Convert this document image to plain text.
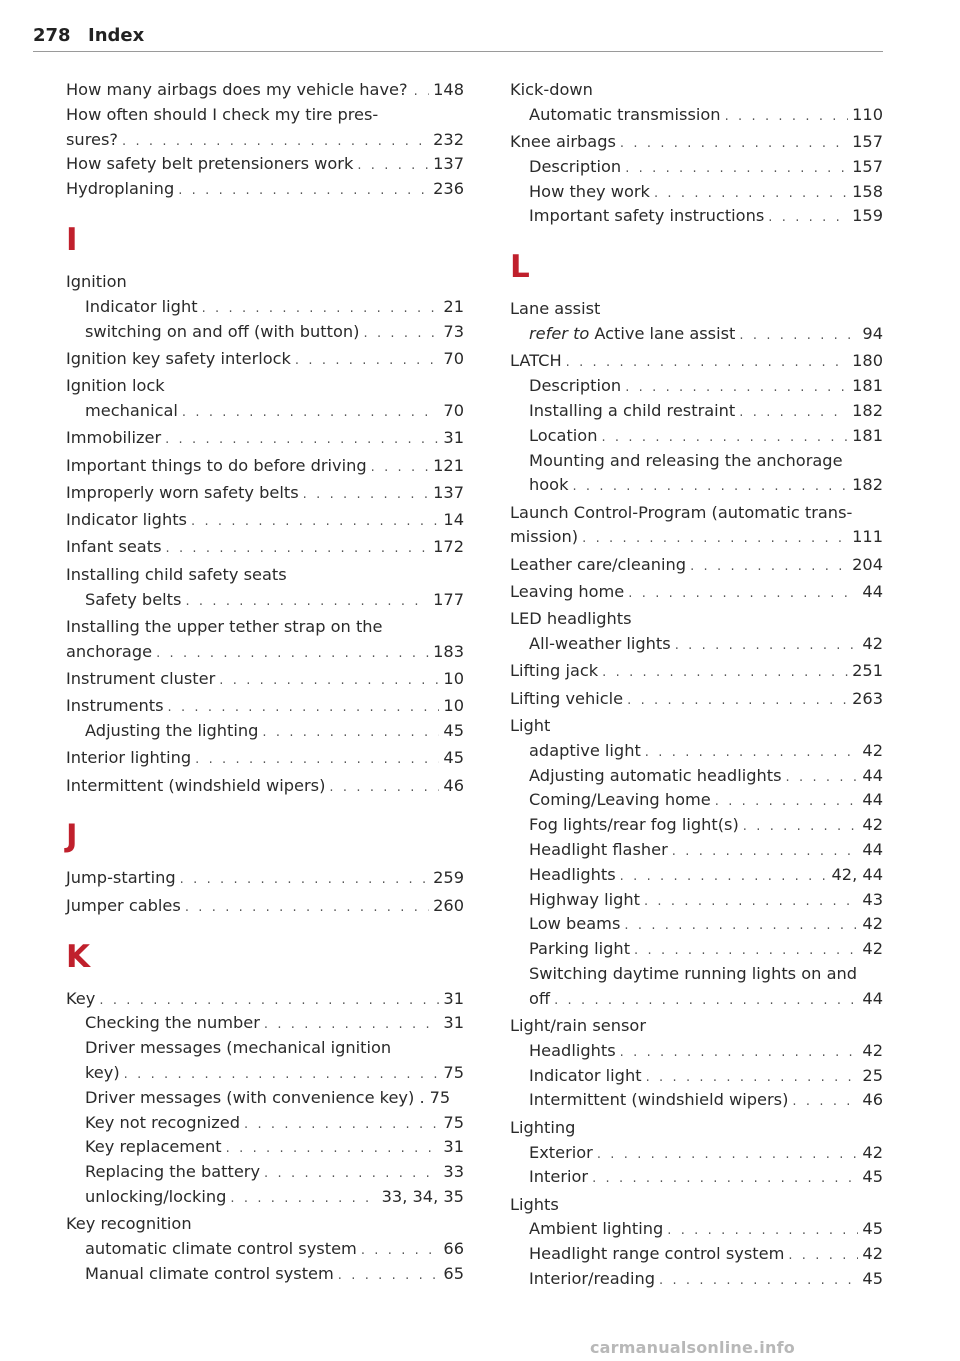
278 Index
How many airbags does my vehicle have? . . . 148
How often should I check my tire pres-
sures? . . .	232
How safety belt pretensioners work . . .	137
Hydroplaning . . .	236
I
Ignition
Indicator light . . .	21
switching on and off (with button) . . .	73
Ignition key safety interlock . . .	70
Ignition lock
mechanical . . .	70
Immobilizer . . .	31
Important things to do before driving . . .	121
Improperly worn safety belts . . .	137
Indicator lights . . .	14
Infant seats . . .	172
Installing child safety seats
Safety belts . . .	177
Installing the upper tether strap on the
anchorage . . .	183
Instrument cluster . . .	10
Instruments . . .	10
Adjusting the lighting . . .	45
Interior lighting . . .	45
Intermittent (windshield wipers) . . .	46
J
Jump-starting . . .	259
Jumper cables . . .	260
K
Key . . .	31
Checking the number . . .	31
Driver messages (mechanical ignition
key) . . .	75
Driver messages (with convenience key) . 75
Key not recognized . . .	75
Key replacement . . .	31
Replacing the battery . . .	33
unlocking/locking . . .	33, 34, 35
Key recognition
automatic climate control system . . .	66
Manual climate control system . . .	65
Kick-down
Automatic transmission . . .	110
Knee airbags . . .	157
Description . . .	157
How they work . . .	158
Important safety instructions . . .	159
L
Lane assist
refer to Active lane assist . . .	94
LATCH . . .	180
Description . . .	181
Installing a child restraint . . .	182
Location . . .	181
Mounting and releasing the anchorage
hook . . .	182
Launch Control-Program (automatic trans-
mission) . . .	111
Leather care/cleaning . . .	204
Leaving home . . .	44
LED headlights
All-weather lights . . .	42
Lifting jack . . .	251
Lifting vehicle . . .	263
Light
adaptive light . . .	42
Adjusting automatic headlights . . .	44
Coming/Leaving home . . .	44
Fog lights/rear fog light(s) . . .	42
Headlight flasher . . .	44
Headlights . . .	42, 44
Highway light . . .	43
Low beams . . .	42
Parking light . . .	42
Switching daytime running lights on and
off . . .	44
Light/rain sensor
Headlights . . .	42
Indicator light . . .	25
Intermittent (windshield wipers) . . .	46
Lighting
Exterior . . .	42
Interior . . .	45
Lights
Ambient lighting . . .	45
Headlight range control system . . .	42
Interior/reading . . .	45
carmanualsonline.info
